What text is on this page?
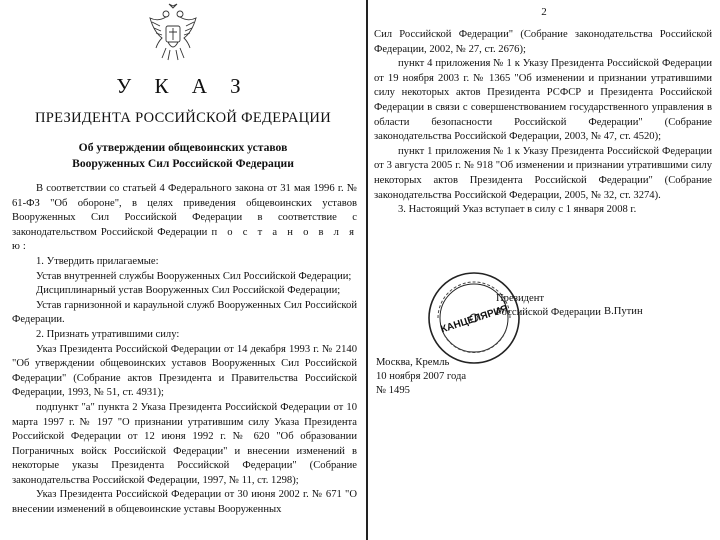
У К А З
ПРЕЗИДЕНТА РОССИЙСКОЙ ФЕДЕРАЦИИ
Об утверждении общевоинских уставов
Вооруженных Сил Российской Федерации

В соответствии со статьей 4 Федерального закона от 31 мая 1996 г. № 61-ФЗ "Об обороне", в целях приведения общевоинских уставов Вооруженных Сил Российской Федерации в соответствие с законодательством Российской Федерации п о с т а н о в л я ю:

1. Утвердить прилагаемые:

Устав внутренней службы Вооруженных Сил Российской Федерации;

Дисциплинарный устав Вооруженных Сил Российской Федерации;

Устав гарнизонной и караульной служб Вооруженных Сил Российской Федерации.

2. Признать утратившими силу:

Указ Президента Российской Федерации от 14 декабря 1993 г. № 2140 "Об утверждении общевоинских уставов Вооруженных Сил Российской Федерации" (Собрание актов Президента и Правительства Российской Федерации, 1993, № 51, ст. 4931);

подпункт "а" пункта 2 Указа Президента Российской Федерации от 10 марта 1997 г. № 197 "О признании утратившим силу Указа Президента Российской Федерации от 12 июня 1992 г. № 620 "Об образовании Пограничных войск Российской Федерации" и внесении изменений в некоторые указы Президента Российской Федерации" (Собрание законодательства Российской Федерации, 1997, № 11, ст. 1298);

Указ Президента Российской Федерации от 30 июня 2002 г. № 671 "О внесении изменений в общевоинские уставы Вооруженных

2

Сил Российской Федерации" (Собрание законодательства Российской Федерации, 2002, № 27, ст. 2676);

пункт 4 приложения № 1 к Указу Президента Российской Федерации от 19 ноября 2003 г. № 1365 "Об изменении и признании утратившими силу некоторых актов Президента РСФСР и Президента Российской Федерации в связи с совершенствованием государственного управления в области безопасности Российской Федерации" (Собрание законодательства Российской Федерации, 2003, № 47, ст. 4520);

пункт 1 приложения № 1 к Указу Президента Российской Федерации от 3 августа 2005 г. № 918 "Об изменении и признании утратившими силу некоторых актов Президента Российской Федерации" (Собрание законодательства Российской Федерации, 2005, № 32, ст. 3274).

3. Настоящий Указ вступает в силу с 1 января 2008 г.

КАНЦЕЛЯРИЯ
Президент
Российской Федерации В.Путин
Москва, Кремль
10 ноября 2007 года
№ 1495
